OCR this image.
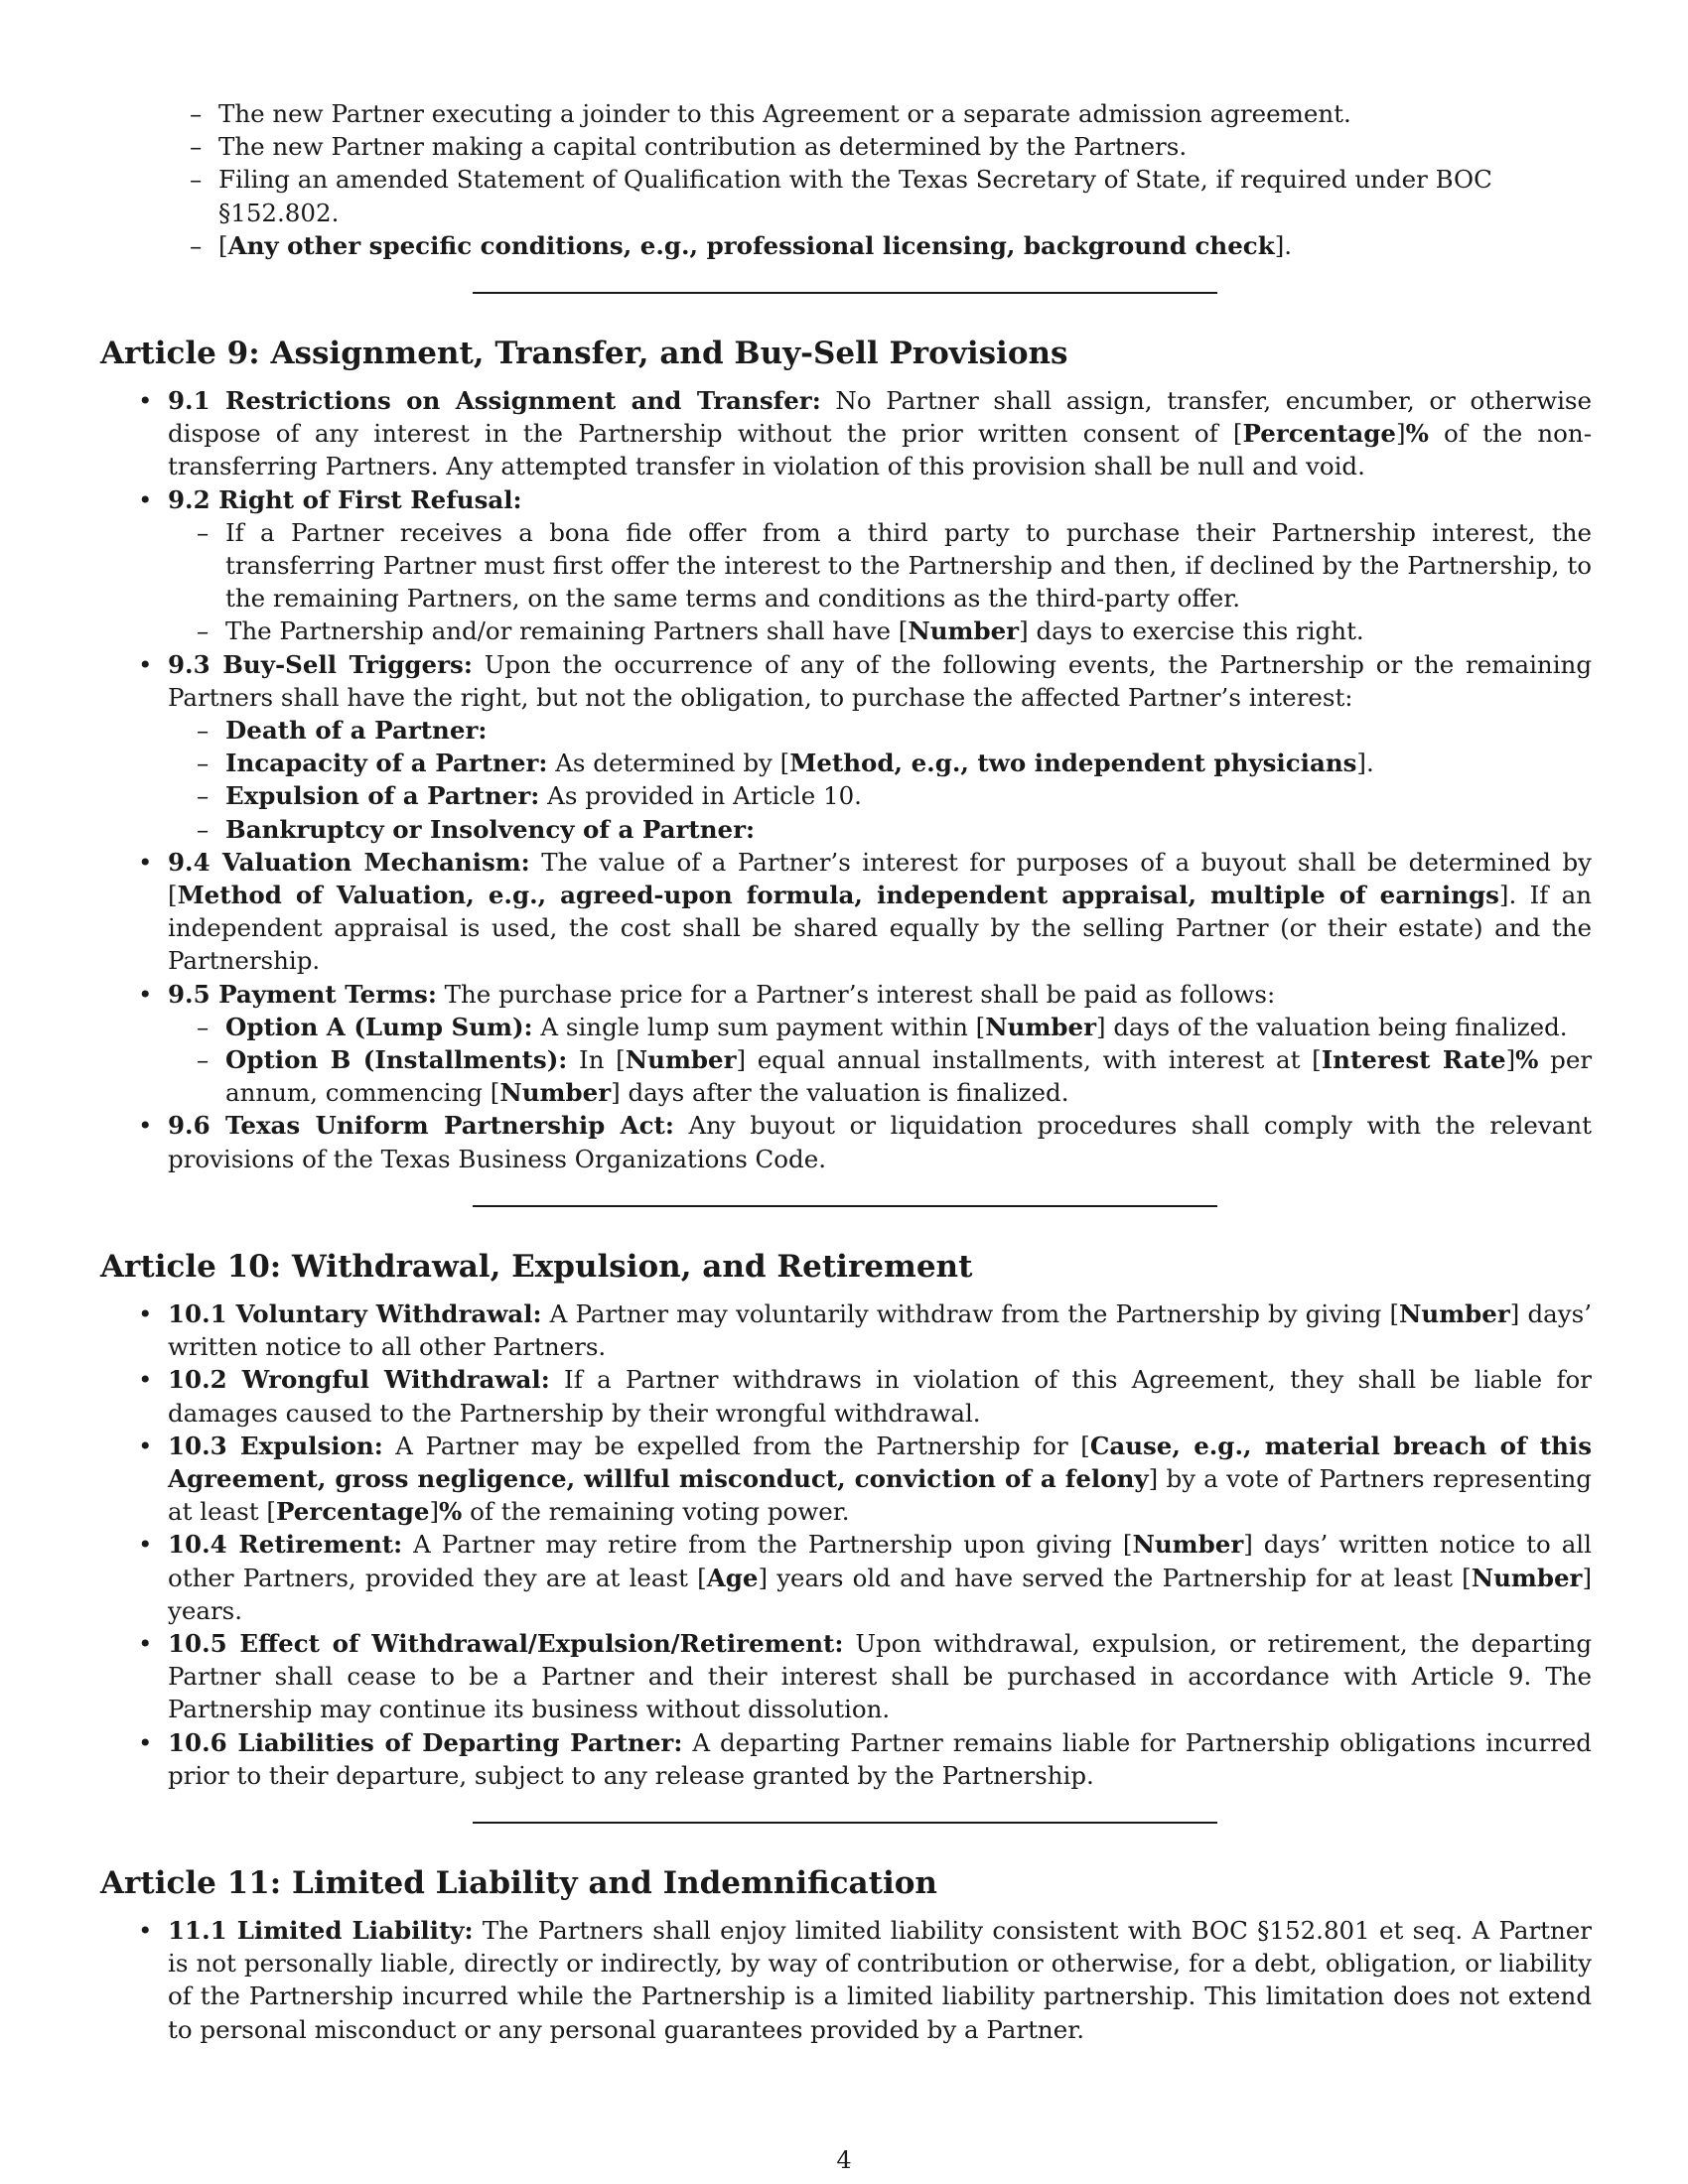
– The new Partner executing a joinder to this Agreement or a separate admission agreement.
– The new Partner making a capital contribution as determined by the Partners.
– Filing an amended Statement of Qualification with the Texas Secretary of State, if required under BOC §152.802.
– [Any other specific conditions, e.g., professional licensing, background check].
Article 9: Assignment, Transfer, and Buy-Sell Provisions
• 9.1 Restrictions on Assignment and Transfer: No Partner shall assign, transfer, encumber, or otherwise dispose of any interest in the Partnership without the prior written consent of [Percentage]% of the non-transferring Partners. Any attempted transfer in violation of this provision shall be null and void.
• 9.2 Right of First Refusal:
– If a Partner receives a bona fide offer from a third party to purchase their Partnership interest, the transferring Partner must first offer the interest to the Partnership and then, if declined by the Partnership, to the remaining Partners, on the same terms and conditions as the third-party offer.
– The Partnership and/or remaining Partners shall have [Number] days to exercise this right.
• 9.3 Buy-Sell Triggers: Upon the occurrence of any of the following events, the Partnership or the remaining Partners shall have the right, but not the obligation, to purchase the affected Partner’s interest:
– Death of a Partner:
– Incapacity of a Partner: As determined by [Method, e.g., two independent physicians].
– Expulsion of a Partner: As provided in Article 10.
– Bankruptcy or Insolvency of a Partner:
• 9.4 Valuation Mechanism: The value of a Partner’s interest for purposes of a buyout shall be determined by [Method of Valuation, e.g., agreed-upon formula, independent appraisal, multiple of earnings]. If an independent appraisal is used, the cost shall be shared equally by the selling Partner (or their estate) and the Partnership.
• 9.5 Payment Terms: The purchase price for a Partner’s interest shall be paid as follows:
– Option A (Lump Sum): A single lump sum payment within [Number] days of the valuation being finalized.
– Option B (Installments): In [Number] equal annual installments, with interest at [Interest Rate]% per annum, commencing [Number] days after the valuation is finalized.
• 9.6 Texas Uniform Partnership Act: Any buyout or liquidation procedures shall comply with the relevant provisions of the Texas Business Organizations Code.
Article 10: Withdrawal, Expulsion, and Retirement
• 10.1 Voluntary Withdrawal: A Partner may voluntarily withdraw from the Partnership by giving [Number] days’ written notice to all other Partners.
• 10.2 Wrongful Withdrawal: If a Partner withdraws in violation of this Agreement, they shall be liable for damages caused to the Partnership by their wrongful withdrawal.
• 10.3 Expulsion: A Partner may be expelled from the Partnership for [Cause, e.g., material breach of this Agreement, gross negligence, willful misconduct, conviction of a felony] by a vote of Partners representing at least [Percentage]% of the remaining voting power.
• 10.4 Retirement: A Partner may retire from the Partnership upon giving [Number] days’ written notice to all other Partners, provided they are at least [Age] years old and have served the Partnership for at least [Number] years.
• 10.5 Effect of Withdrawal/Expulsion/Retirement: Upon withdrawal, expulsion, or retirement, the departing Partner shall cease to be a Partner and their interest shall be purchased in accordance with Article 9. The Partnership may continue its business without dissolution.
• 10.6 Liabilities of Departing Partner: A departing Partner remains liable for Partnership obligations incurred prior to their departure, subject to any release granted by the Partnership.
Article 11: Limited Liability and Indemnification
• 11.1 Limited Liability: The Partners shall enjoy limited liability consistent with BOC §152.801 et seq. A Partner is not personally liable, directly or indirectly, by way of contribution or otherwise, for a debt, obligation, or liability of the Partnership incurred while the Partnership is a limited liability partnership. This limitation does not extend to personal misconduct or any personal guarantees provided by a Partner.
4
